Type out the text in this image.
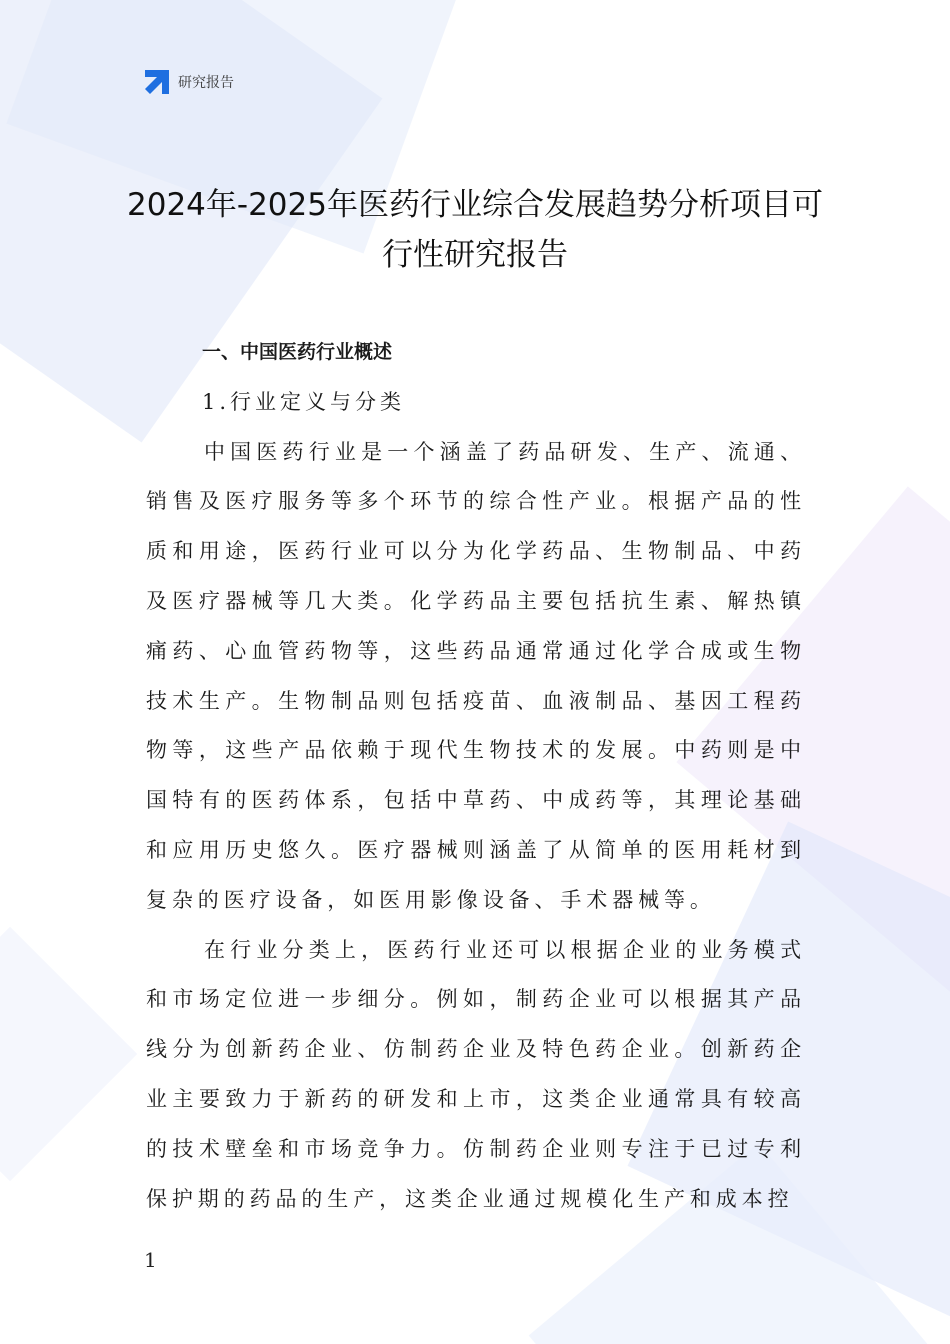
研究报告
2024年-2025年医药行业综合发展趋势分析项目可行性研究报告

一、中国医药行业概述

1.行业定义与分类

中国医药行业是一个涵盖了药品研发、生产、流通、销售及医疗服务等多个环节的综合性产业。根据产品的性质和用途，医药行业可以分为化学药品、生物制品、中药及医疗器械等几大类。化学药品主要包括抗生素、解热镇痛药、心血管药物等，这些药品通常通过化学合成或生物技术生产。生物制品则包括疫苗、血液制品、基因工程药物等，这些产品依赖于现代生物技术的发展。中药则是中国特有的医药体系，包括中草药、中成药等，其理论基础和应用历史悠久。医疗器械则涵盖了从简单的医用耗材到复杂的医疗设备，如医用影像设备、手术器械等。

在行业分类上，医药行业还可以根据企业的业务模式和市场定位进一步细分。例如，制药企业可以根据其产品线分为创新药企业、仿制药企业及特色药企业。创新药企业主要致力于新药的研发和上市，这类企业通常具有较高的技术壁垒和市场竞争力。仿制药企业则专注于已过专利保护期的药品的生产，这类企业通过规模化生产和成本控

1
